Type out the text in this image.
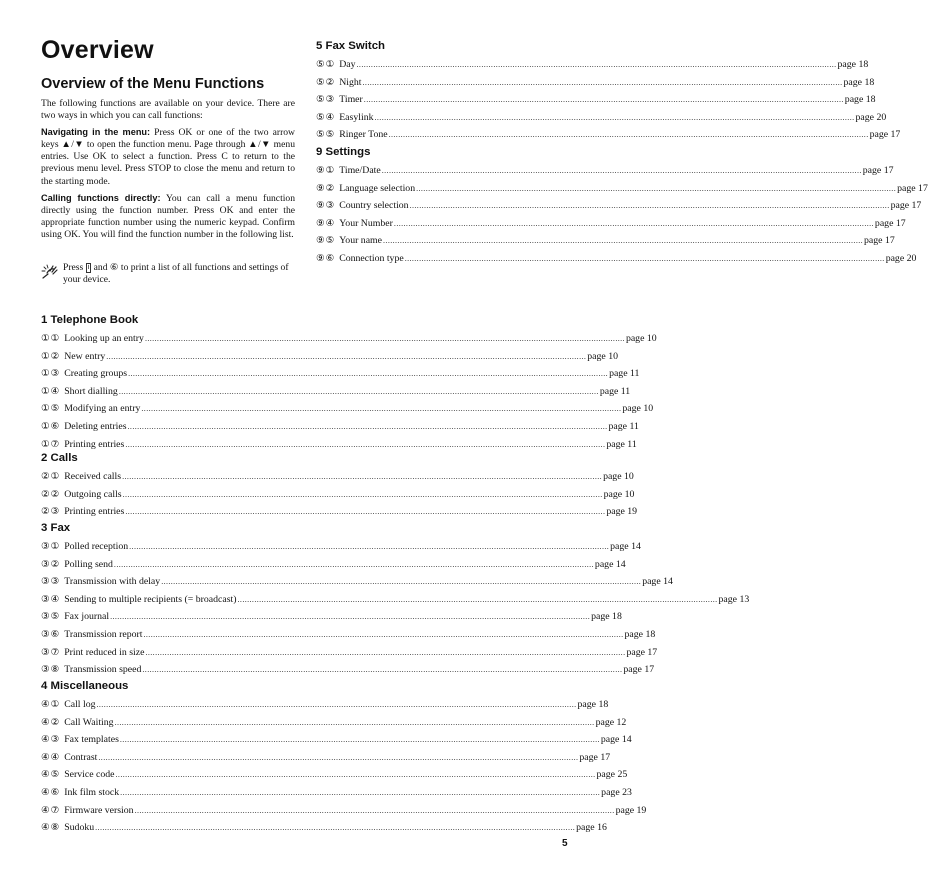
Overview
Overview of the Menu Functions

The following functions are available on your device. There are two ways in which you can call functions:

Navigating in the menu: Press OK or one of the two arrow keys ▲/▼ to open the function menu. Page through ▲/▼ menu entries. Use OK to select a function. Press C to return to the previous menu level. Press STOP to close the menu and return to the starting mode.

Calling functions directly: You can call a menu function directly using the function number. Press OK and enter the appropriate function number using the numeric keypad. Confirm using OK. You will find the function number in the following list.

Press i and ⑥ to print a list of all functions and settings of your device.
1 Telephone Book
①① Looking up an entry ........................................................................................................................................................................................................ page 10
①② New entry ........................................................................................................................................................................................................ page 10
①③ Creating groups ........................................................................................................................................................................................................ page 11
①④ Short dialling ........................................................................................................................................................................................................ page 11
①⑤ Modifying an entry ........................................................................................................................................................................................................ page 10
①⑥ Deleting entries ........................................................................................................................................................................................................ page 11
①⑦ Printing entries ........................................................................................................................................................................................................ page 11
2 Calls
②① Received calls ........................................................................................................................................................................................................ page 10
②② Outgoing calls ........................................................................................................................................................................................................ page 10
②③ Printing entries ........................................................................................................................................................................................................ page 19
3 Fax
③① Polled reception ........................................................................................................................................................................................................ page 14
③② Polling send ........................................................................................................................................................................................................ page 14
③③ Transmission with delay ........................................................................................................................................................................................................ page 14
③④ Sending to multiple recipients (= broadcast) ........................................................................................................................................................................................................ page 13
③⑤ Fax journal ........................................................................................................................................................................................................ page 18
③⑥ Transmission report ........................................................................................................................................................................................................ page 18
③⑦ Print reduced in size ........................................................................................................................................................................................................ page 17
③⑧ Transmission speed ........................................................................................................................................................................................................ page 17
4 Miscellaneous
④① Call log ........................................................................................................................................................................................................ page 18
④② Call Waiting ........................................................................................................................................................................................................ page 12
④③ Fax templates ........................................................................................................................................................................................................ page 14
④④ Contrast ........................................................................................................................................................................................................ page 17
④⑤ Service code ........................................................................................................................................................................................................ page 25
④⑥ Ink film stock ........................................................................................................................................................................................................ page 23
④⑦ Firmware version ........................................................................................................................................................................................................ page 19
④⑧ Sudoku ........................................................................................................................................................................................................ page 16
5 Fax Switch
⑤① Day ........................................................................................................................................................................................................ page 18
⑤② Night ........................................................................................................................................................................................................ page 18
⑤③ Timer ........................................................................................................................................................................................................ page 18
⑤④ Easylink ........................................................................................................................................................................................................ page 20
⑤⑤ Ringer Tone ........................................................................................................................................................................................................ page 17
9 Settings
⑨① Time/Date ........................................................................................................................................................................................................ page 17
⑨② Language selection ........................................................................................................................................................................................................ page 17
⑨③ Country selection ........................................................................................................................................................................................................ page 17
⑨④ Your Number ........................................................................................................................................................................................................ page 17
⑨⑤ Your name ........................................................................................................................................................................................................ page 17
⑨⑥ Connection type ........................................................................................................................................................................................................ page 20
5
